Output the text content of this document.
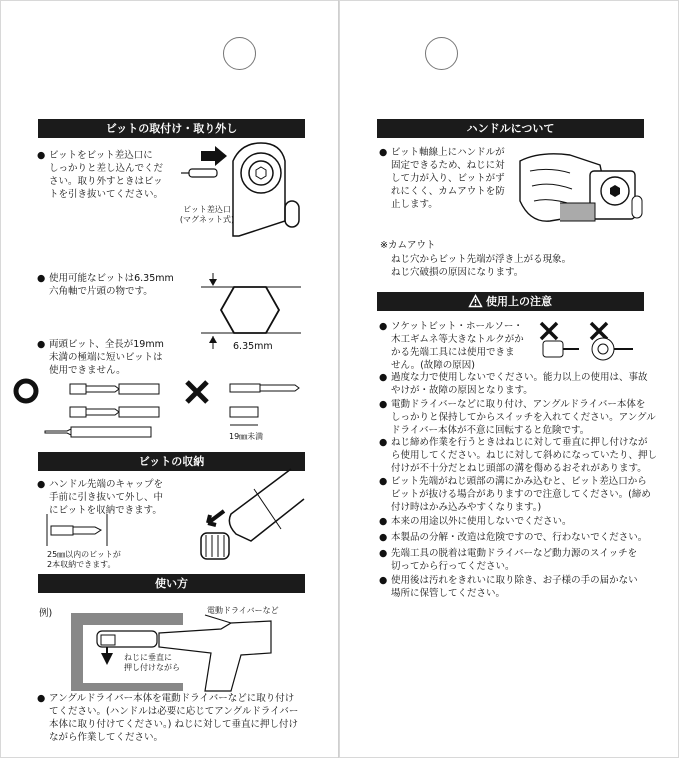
ビットの取付け・取り外し
● ビットをビット差込口に
しっかりと差し込んでくだ
さい。取り外すときはビッ
トを引き抜いてください。
ビット差込口
(マグネット式)
● 使用可能なビットは6.35mm
六角軸で片頭の物です。
6.35mm
● 両頭ビット、全長が19mm
未満の極端に短いビットは
使用できません。
19㎜未満
ビットの収納
● ハンドル先端のキャップを
手前に引き抜いて外し、中
にビットを収納できます。
25㎜以内のビットが
2本収納できます。
使い方
例)	電動ドライバーなど
ねじに垂直に
押し付けながら
● アングルドライバー本体を電動ドライバーなどに取り付け
てください。(ハンドルは必要に応じてアングルドライバー
本体に取り付けてください。) ねじに対して垂直に押し付け
ながら作業してください。
ハンドルについて
● ビット軸線上にハンドルが
固定できるため、ねじに対
して力が入り、ビットがず
れにくく、カムアウトを防
止します。
※カムアウト
ねじ穴からビット先端が浮き上がる現象。
ねじ穴破損の原因になります。
使用上の注意
● ソケットビット・ホールソー・
木工ギムネ等大きなトルクがか
かる先端工具には使用できま
せん。(故障の原因)
● 過度な力で使用しないでください。能力以上の使用は、事故
やけが・故障の原因となります。
● 電動ドライバーなどに取り付け、アングルドライバー本体を
しっかりと保持してからスイッチを入れてください。アングル
ドライバー本体が不意に回転すると危険です。
● ねじ締め作業を行うときはねじに対して垂直に押し付けなが
ら使用してください。ねじに対して斜めになっていたり、押し
付けが不十分だとねじ頭部の溝を傷めるおそれがあります。
● ビット先端がねじ頭部の溝にかみ込むと、ビット差込口から
ビットが抜ける場合がありますので注意してください。(締め
付け時はかみ込みやすくなります。)
● 本来の用途以外に使用しないでください。
● 本製品の分解・改造は危険ですので、行わないでください。
● 先端工具の脱着は電動ドライバーなど動力源のスイッチを
切ってから行ってください。
● 使用後は汚れをきれいに取り除き、お子様の手の届かない
場所に保管してください。
